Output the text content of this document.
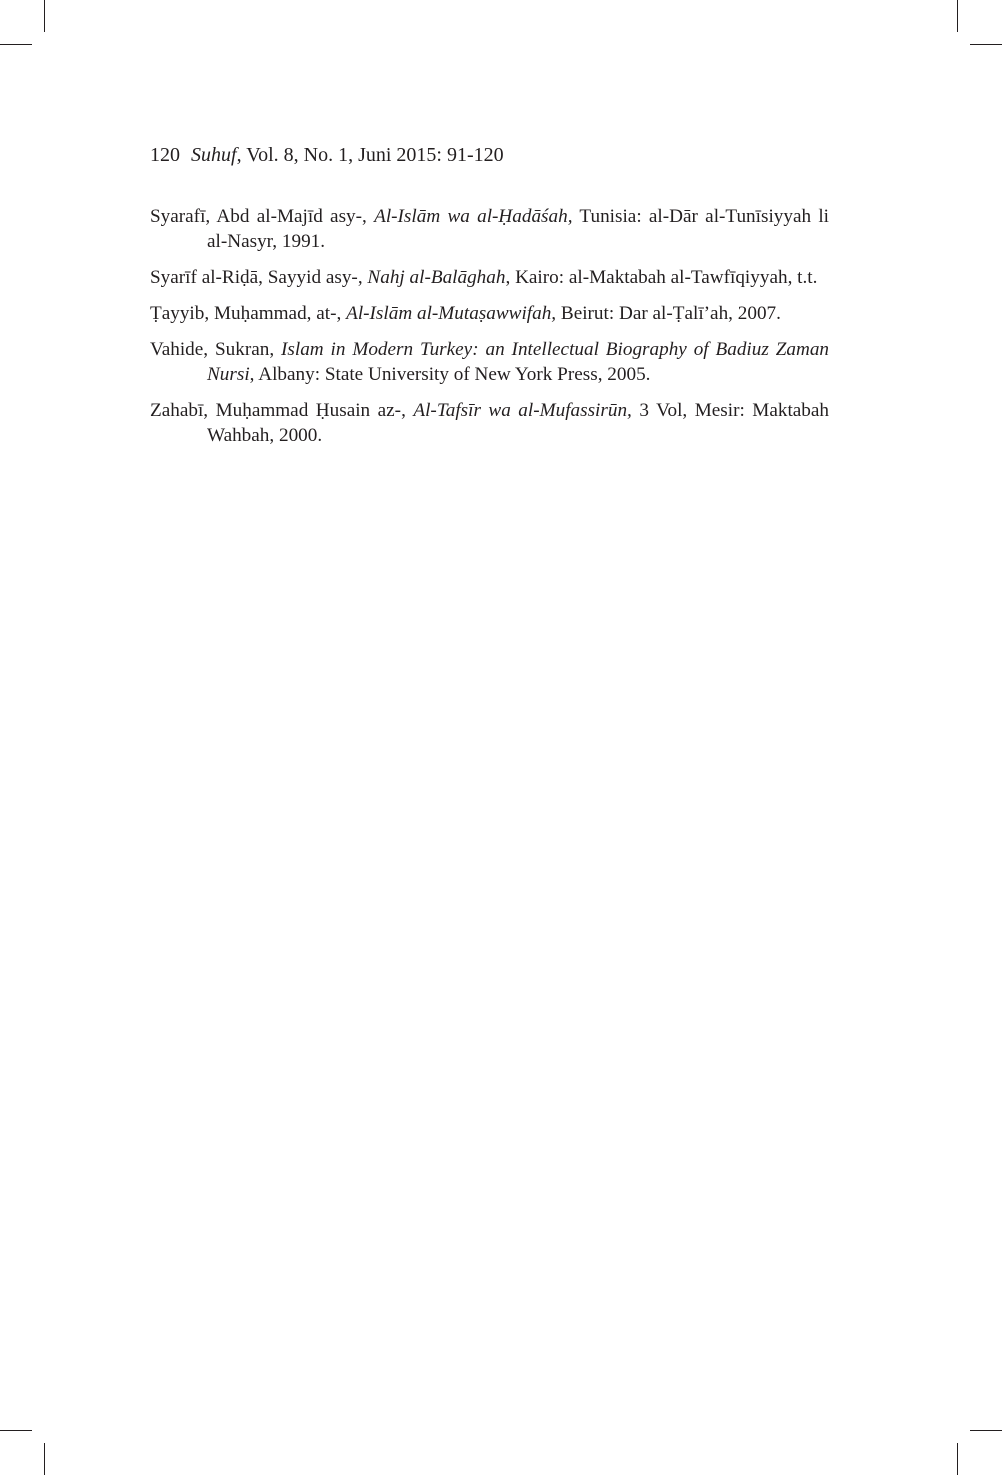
120 Suhuf, Vol. 8, No. 1, Juni 2015: 91-120

Syarafī, Abd al-Majīd asy-, Al-Islām wa al-Ḥadāśah, Tunisia: al-Dār al-Tunīsiyyah li al-Nasyr, 1991.

Syarīf al-Riḍā, Sayyid asy-, Nahj al-Balāghah, Kairo: al-Maktabah al-Tawfīqiyyah, t.t.

Ṭayyib, Muḥammad, at-, Al-Islām al-Mutaṣawwifah, Beirut: Dar al-Ṭalī’ah, 2007.

Vahide, Sukran, Islam in Modern Turkey: an Intellectual Biography of Badiuz Zaman Nursi, Albany: State University of New York Press, 2005.

Zahabī, Muḥammad Ḥusain az-, Al-Tafsīr wa al-Mufassirūn, 3 Vol, Mesir: Maktabah Wahbah, 2000.
